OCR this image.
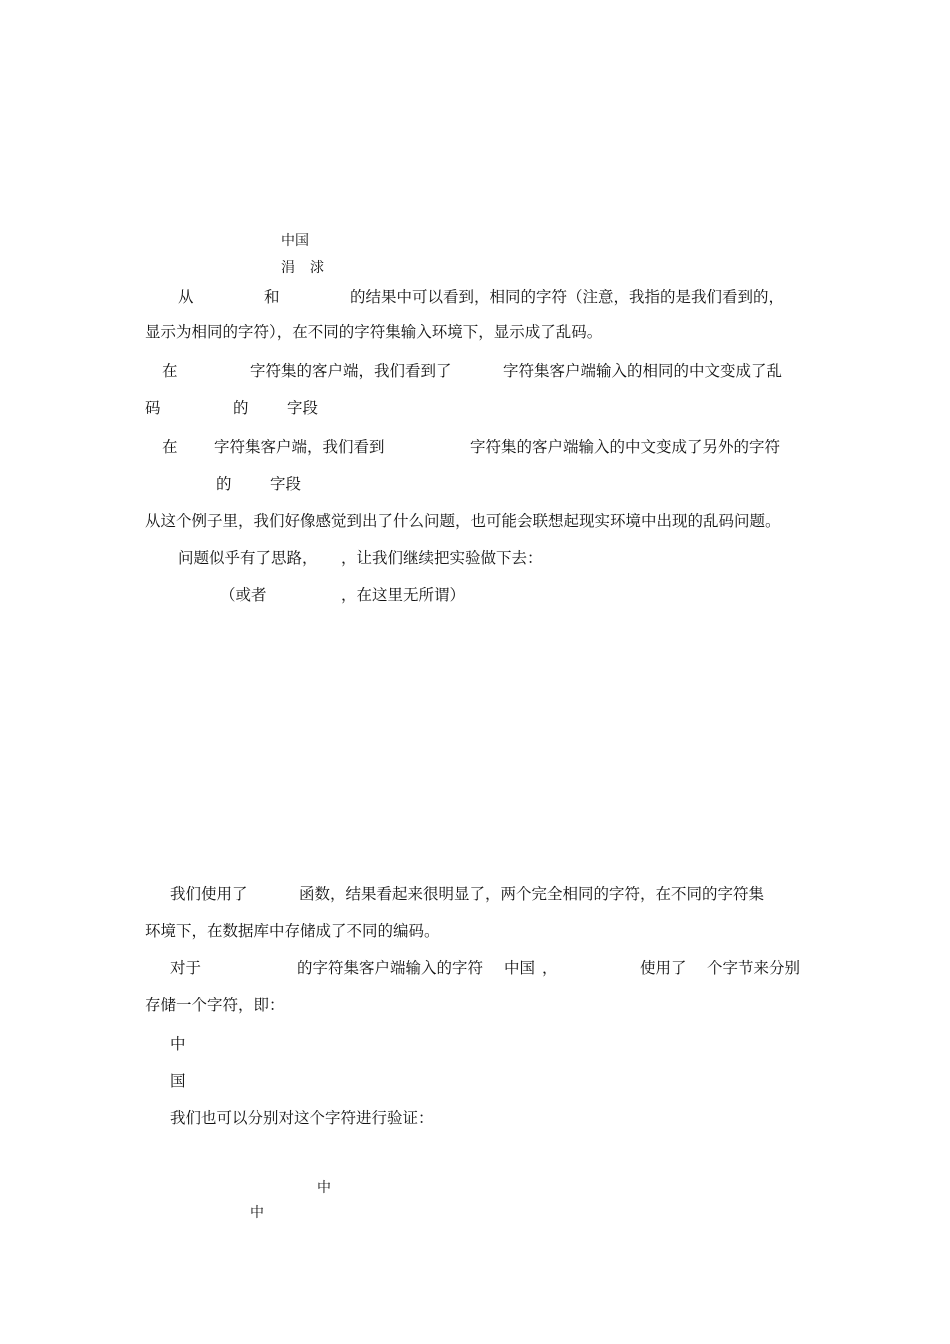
中国
涓 浗
从	和	的结果中可以看到，相同的字符（注意，我指的是我们看到的，
显示为相同的字符），在不同的字符集输入环境下，显示成了乱码。
在	字符集的客户端，我们看到了	字符集客户端输入的相同的中文变成了乱
码	的 字段
在 字符集客户端，我们看到	字符集的客户端输入的中文变成了另外的字符
的 字段
从这个例子里，我们好像感觉到出了什么问题，也可能会联想起现实环境中出现的乱码问题。
问题似乎有了思路， ，让我们继续把实验做下去：
（或者	，在这里无所谓）
我们使用了	函数，结果看起来很明显了，两个完全相同的字符，在不同的字符集
环境下，在数据库中存储成了不同的编码。
对于	的字符集客户端输入的字符 中国 ，	使用了 个字节来分别
存储一个字符，即：
中
国
我们也可以分别对这个字符进行验证：
中
中
